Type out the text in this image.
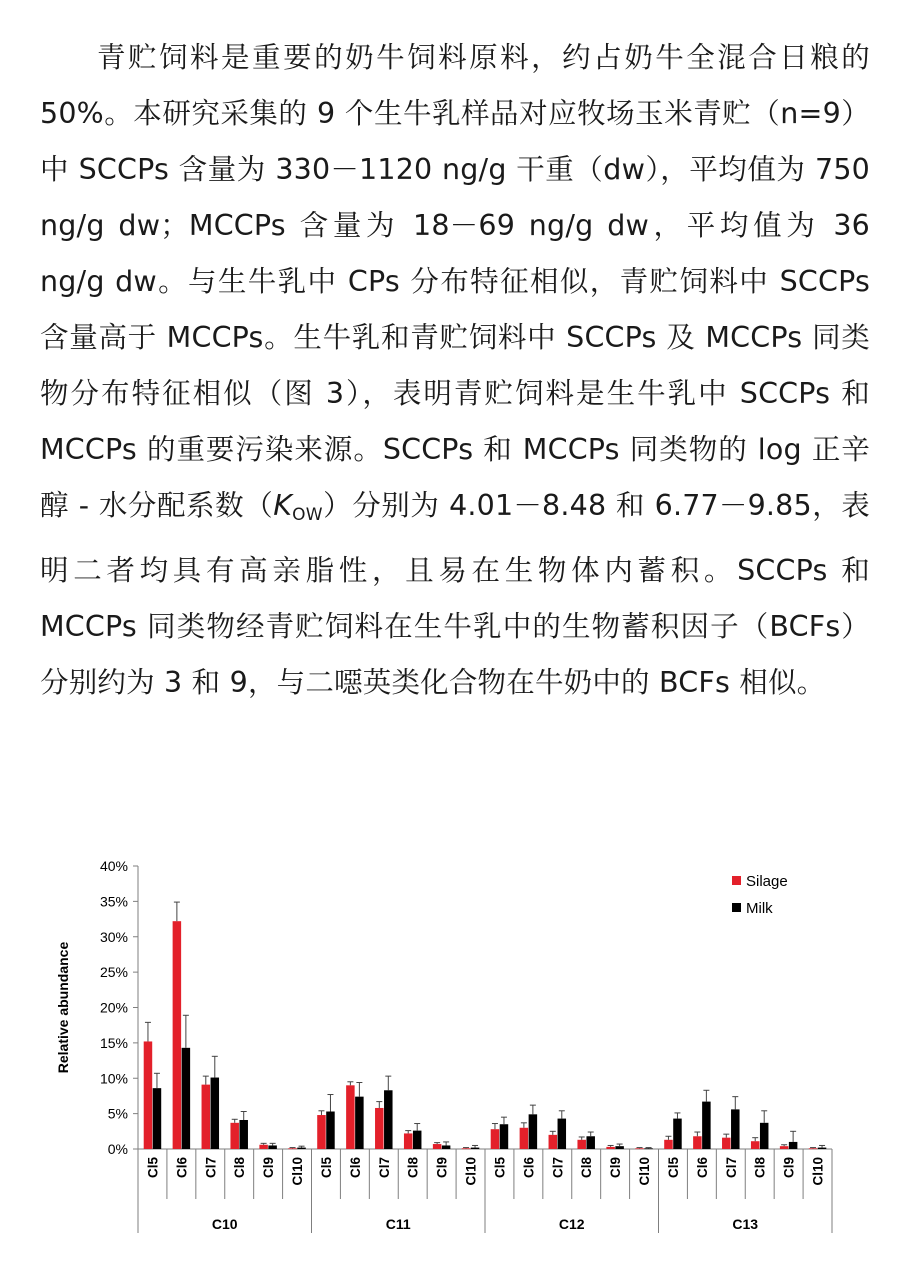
青贮饲料是重要的奶牛饲料原料，约占奶牛全混合日粮的 50%。本研究采集的 9 个生牛乳样品对应牧场玉米青贮（n=9）中 SCCPs 含量为 330－1120 ng/g 干重（dw），平均值为 750 ng/g dw；MCCPs 含量为 18－69 ng/g dw，平均值为 36 ng/g dw。与生牛乳中 CPs 分布特征相似，青贮饲料中 SCCPs 含量高于 MCCPs。生牛乳和青贮饲料中 SCCPs 及 MCCPs 同类物分布特征相似（图 3），表明青贮饲料是生牛乳中 SCCPs 和 MCCPs 的重要污染来源。SCCPs 和 MCCPs 同类物的 log 正辛醇 - 水分配系数$(K_{OW})$分别为 4.01－8.48 和 6.77－9.85，表明二者均具有高亲脂性，且易在生物体内蓄积。SCCPs 和 MCCPs 同类物经青贮饲料在生牛乳中的生物蓄积因子（BCFs）分别约为 3 和 9，与二噁英类化合物在牛奶中的 BCFs 相似。

0%
5%
10%
15%
20%
25%
30%
35%
40%
Relative abundance
Cl5 Cl6 Cl7 Cl8 Cl9 Cl10 Cl5 Cl6 Cl7 Cl8 Cl9 Cl10 Cl5 Cl6 Cl7 Cl8 Cl9 Cl10 Cl5 Cl6 Cl7 Cl8 Cl9 Cl10
C10	C11	C12	C13
Silage
Milk
